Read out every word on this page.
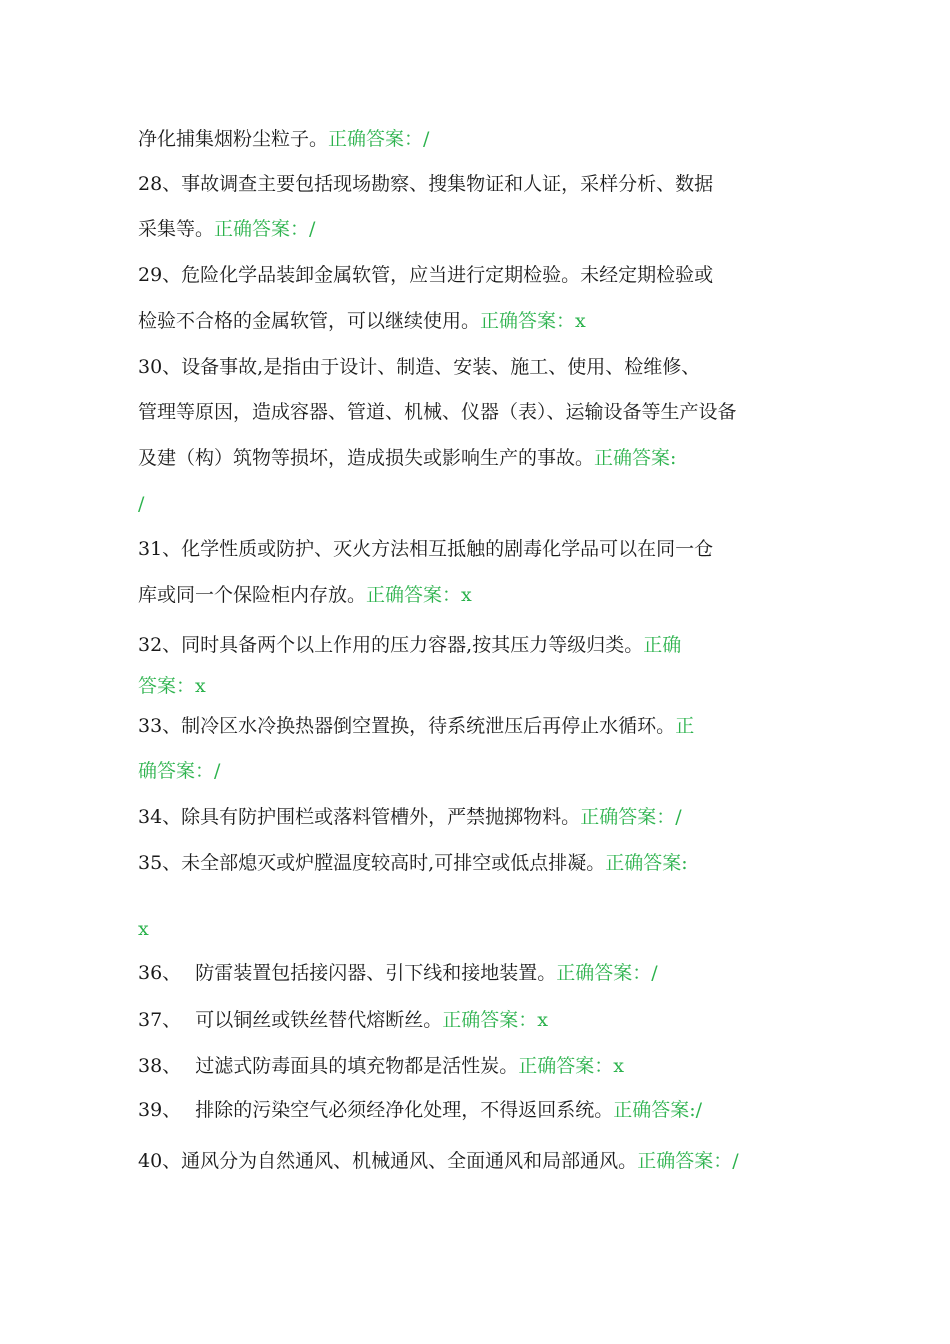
净化捕集烟粉尘粒子。正确答案：/
28、事故调查主要包括现场勘察、搜集物证和人证，采样分析、数据
采集等。正确答案：/
29、危险化学品装卸金属软管，应当进行定期检验。未经定期检验或
检验不合格的金属软管，可以继续使用。正确答案：x
30、设备事故,是指由于设计、制造、安装、施工、使用、检维修、
管理等原因，造成容器、管道、机械、仪器（表）、运输设备等生产设备
及建（构）筑物等损坏，造成损失或影响生产的事故。正确答案:
/
31、化学性质或防护、灭火方法相互抵触的剧毒化学品可以在同一仓
库或同一个保险柜内存放。正确答案：x
32、同时具备两个以上作用的压力容器,按其压力等级归类。正确
答案：x
33、制冷区水冷换热器倒空置换，待系统泄压后再停止水循环。正
确答案：/
34、除具有防护围栏或落料管槽外，严禁抛掷物料。正确答案：/
35、未全部熄灭或炉膛温度较高时,可排空或低点排凝。正确答案:
x
36、 防雷装置包括接闪器、引下线和接地装置。正确答案：/
37、 可以铜丝或铁丝替代熔断丝。正确答案：x
38、 过滤式防毒面具的填充物都是活性炭。正确答案：x
39、 排除的污染空气必须经净化处理，不得返回系统。正确答案:/
40、通风分为自然通风、机械通风、全面通风和局部通风。正确答案：/
